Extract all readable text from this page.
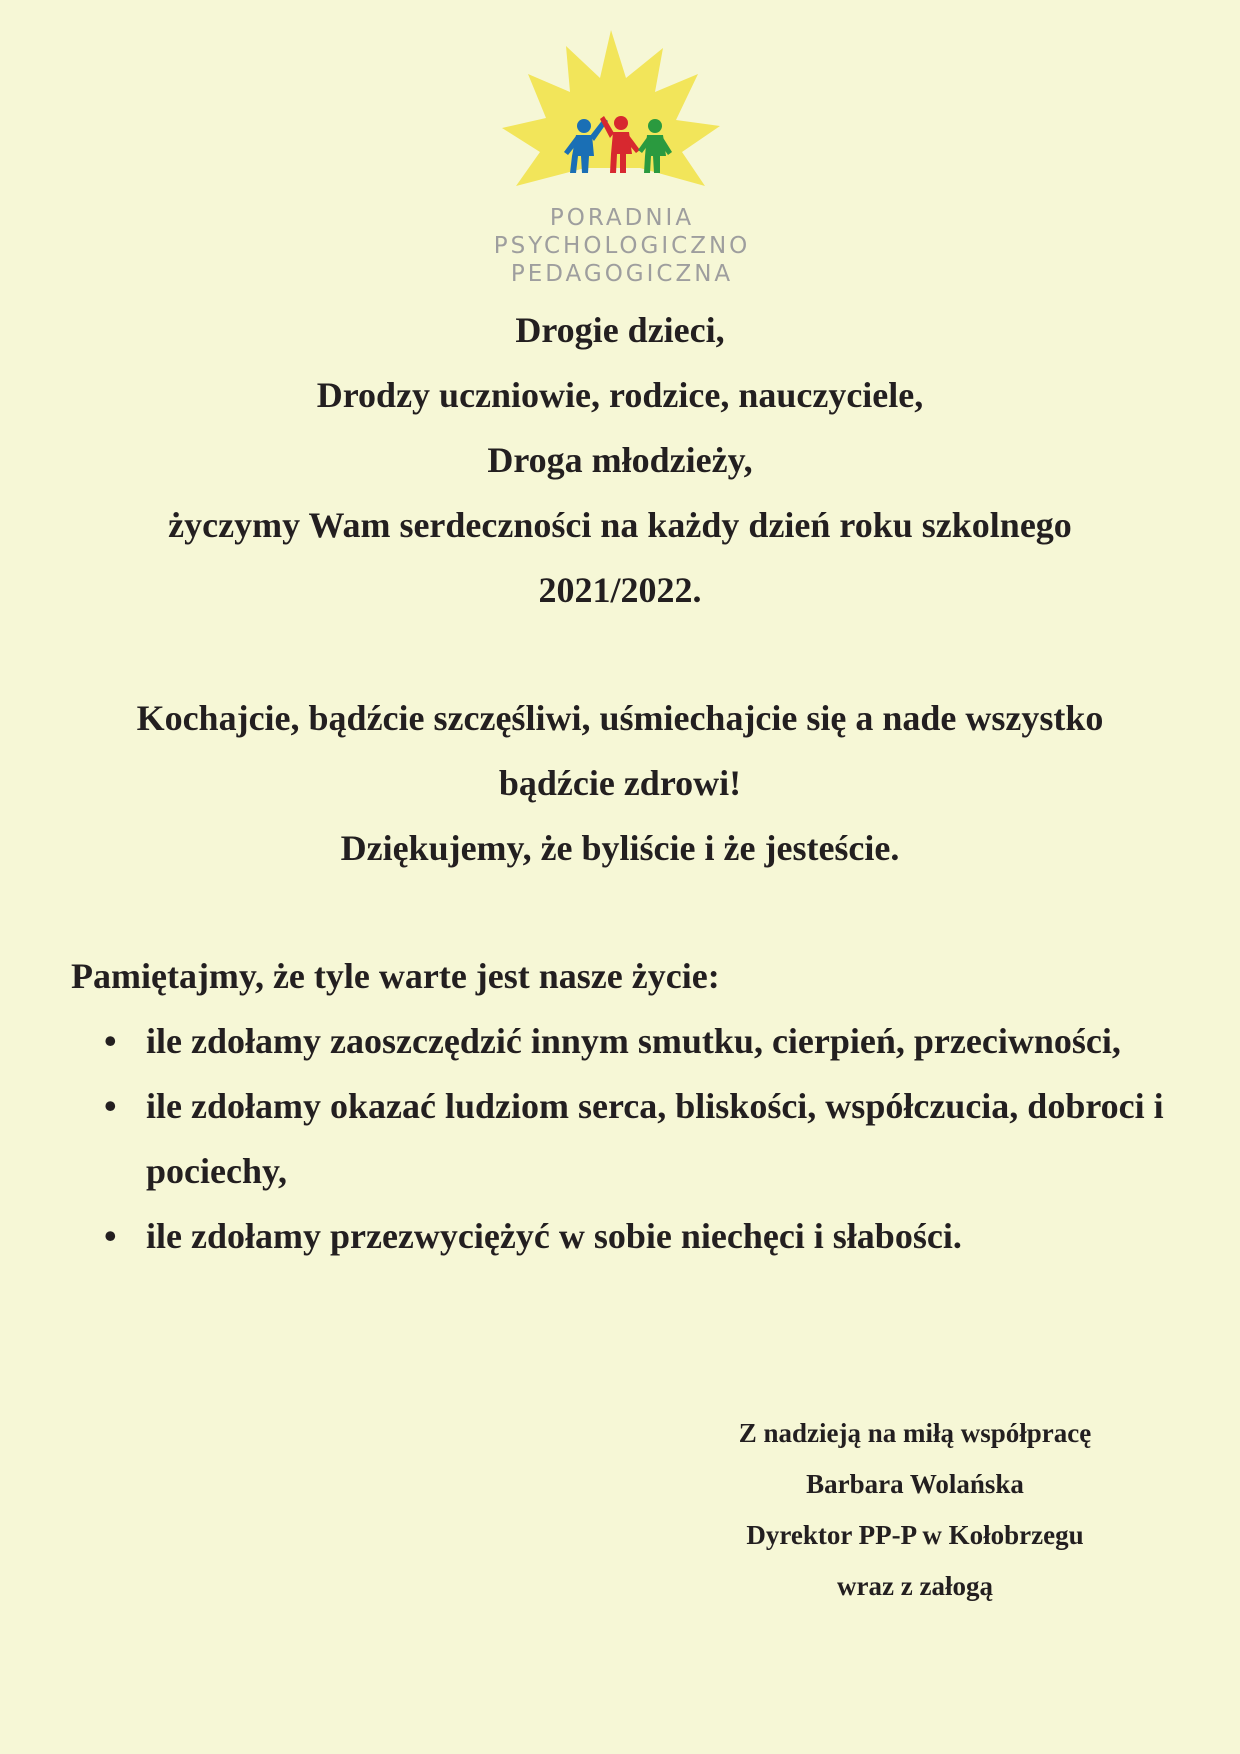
PORADNIA
PSYCHOLOGICZNO
PEDAGOGICZNA
Drogie dzieci,
Drodzy uczniowie, rodzice, nauczyciele,
Droga młodzieży,
życzymy Wam serdeczności na każdy dzień roku szkolnego
2021/2022.
Kochajcie, bądźcie szczęśliwi, uśmiechajcie się a nade wszystko
bądźcie zdrowi!
Dziękujemy, że byliście i że jesteście.
Pamiętajmy, że tyle warte jest nasze życie:
• ile zdołamy zaoszczędzić innym smutku, cierpień, przeciwności,
• ile zdołamy okazać ludziom serca, bliskości, współczucia, dobroci i pociechy,
• ile zdołamy przezwyciężyć w sobie niechęci i słabości.
Z nadzieją na miłą współpracę
Barbara Wolańska
Dyrektor PP-P w Kołobrzegu
wraz z załogą
